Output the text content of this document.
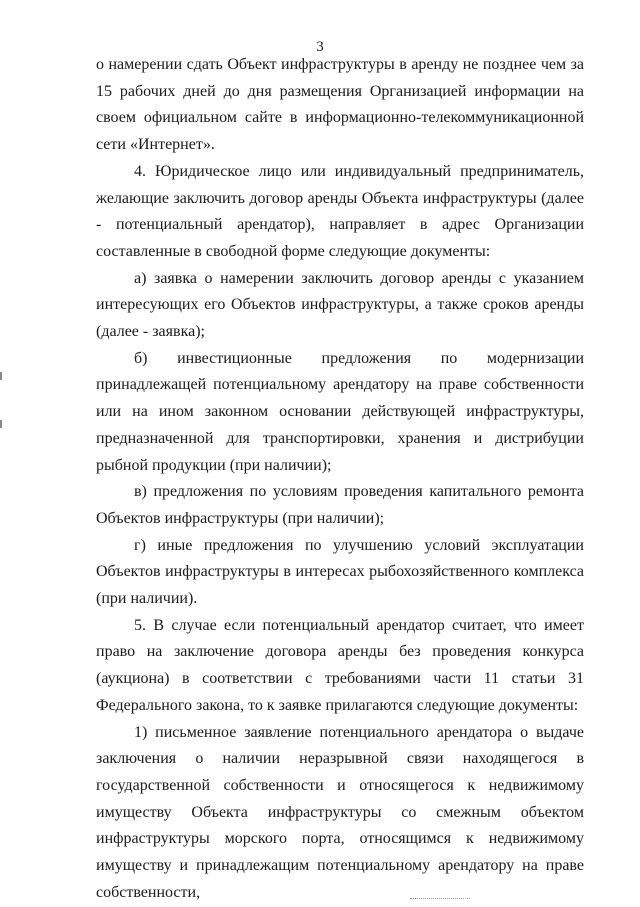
3

о намерении сдать Объект инфраструктуры в аренду не позднее чем за 15 рабочих дней до дня размещения Организацией информации на своем официальном сайте в информационно-телекоммуникационной сети «Интернет».

4. Юридическое лицо или индивидуальный предприниматель, желающие заключить договор аренды Объекта инфраструктуры (далее - потенциальный арендатор), направляет в адрес Организации составленные в свободной форме следующие документы:

а) заявка о намерении заключить договор аренды с указанием интересующих его Объектов инфраструктуры, а также сроков аренды (далее - заявка);

б) инвестиционные предложения по модернизации принадлежащей потенциальному арендатору на праве собственности или на ином законном основании действующей инфраструктуры, предназначенной для транспортировки, хранения и дистрибуции рыбной продукции (при наличии);

в) предложения по условиям проведения капитального ремонта Объектов инфраструктуры (при наличии);

г) иные предложения по улучшению условий эксплуатации Объектов инфраструктуры в интересах рыбохозяйственного комплекса (при наличии).

5. В случае если потенциальный арендатор считает, что имеет право на заключение договора аренды без проведения конкурса (аукциона) в соответствии с требованиями части 11 статьи 31 Федерального закона, то к заявке прилагаются следующие документы:

1) письменное заявление потенциального арендатора о выдаче заключения о наличии неразрывной связи находящегося в государственной собственности и относящегося к недвижимому имуществу Объекта инфраструктуры со смежным объектом инфраструктуры морского порта, относящимся к недвижимому имуществу и принадлежащим потенциальному арендатору на праве собственности,
